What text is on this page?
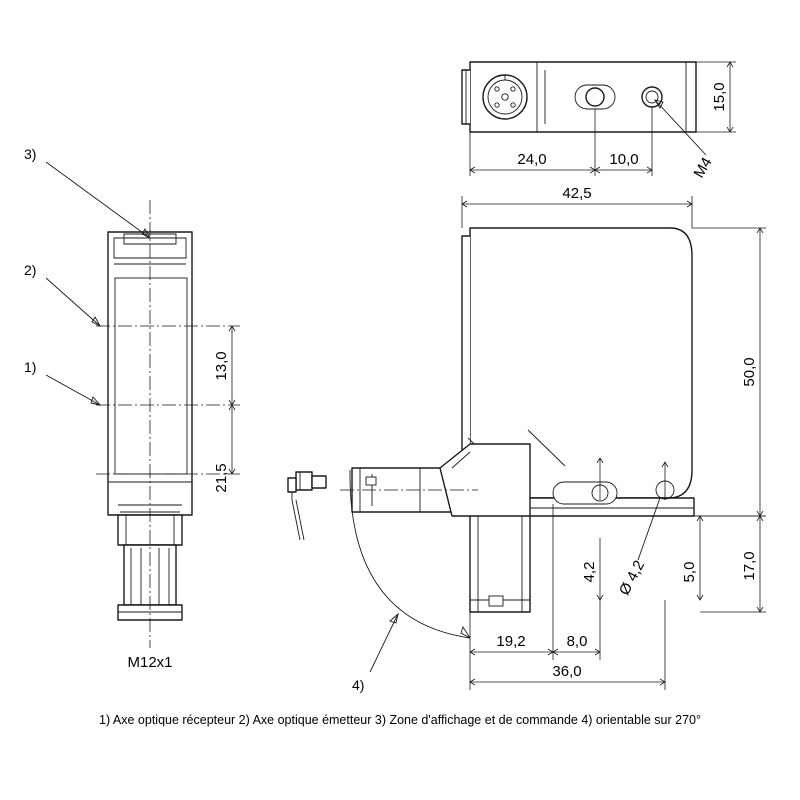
15,0
24,0	10,0	M4
13,0
21,5
M12x1
3)
2)
1)
42,5
50,0
17,0
5,0
4,2 Ø 4,2
19,2	8,0
36,0
4)
1) Axe optique récepteur 2) Axe optique émetteur 3) Zone d'affichage et de commande 4) orientable sur 270°
